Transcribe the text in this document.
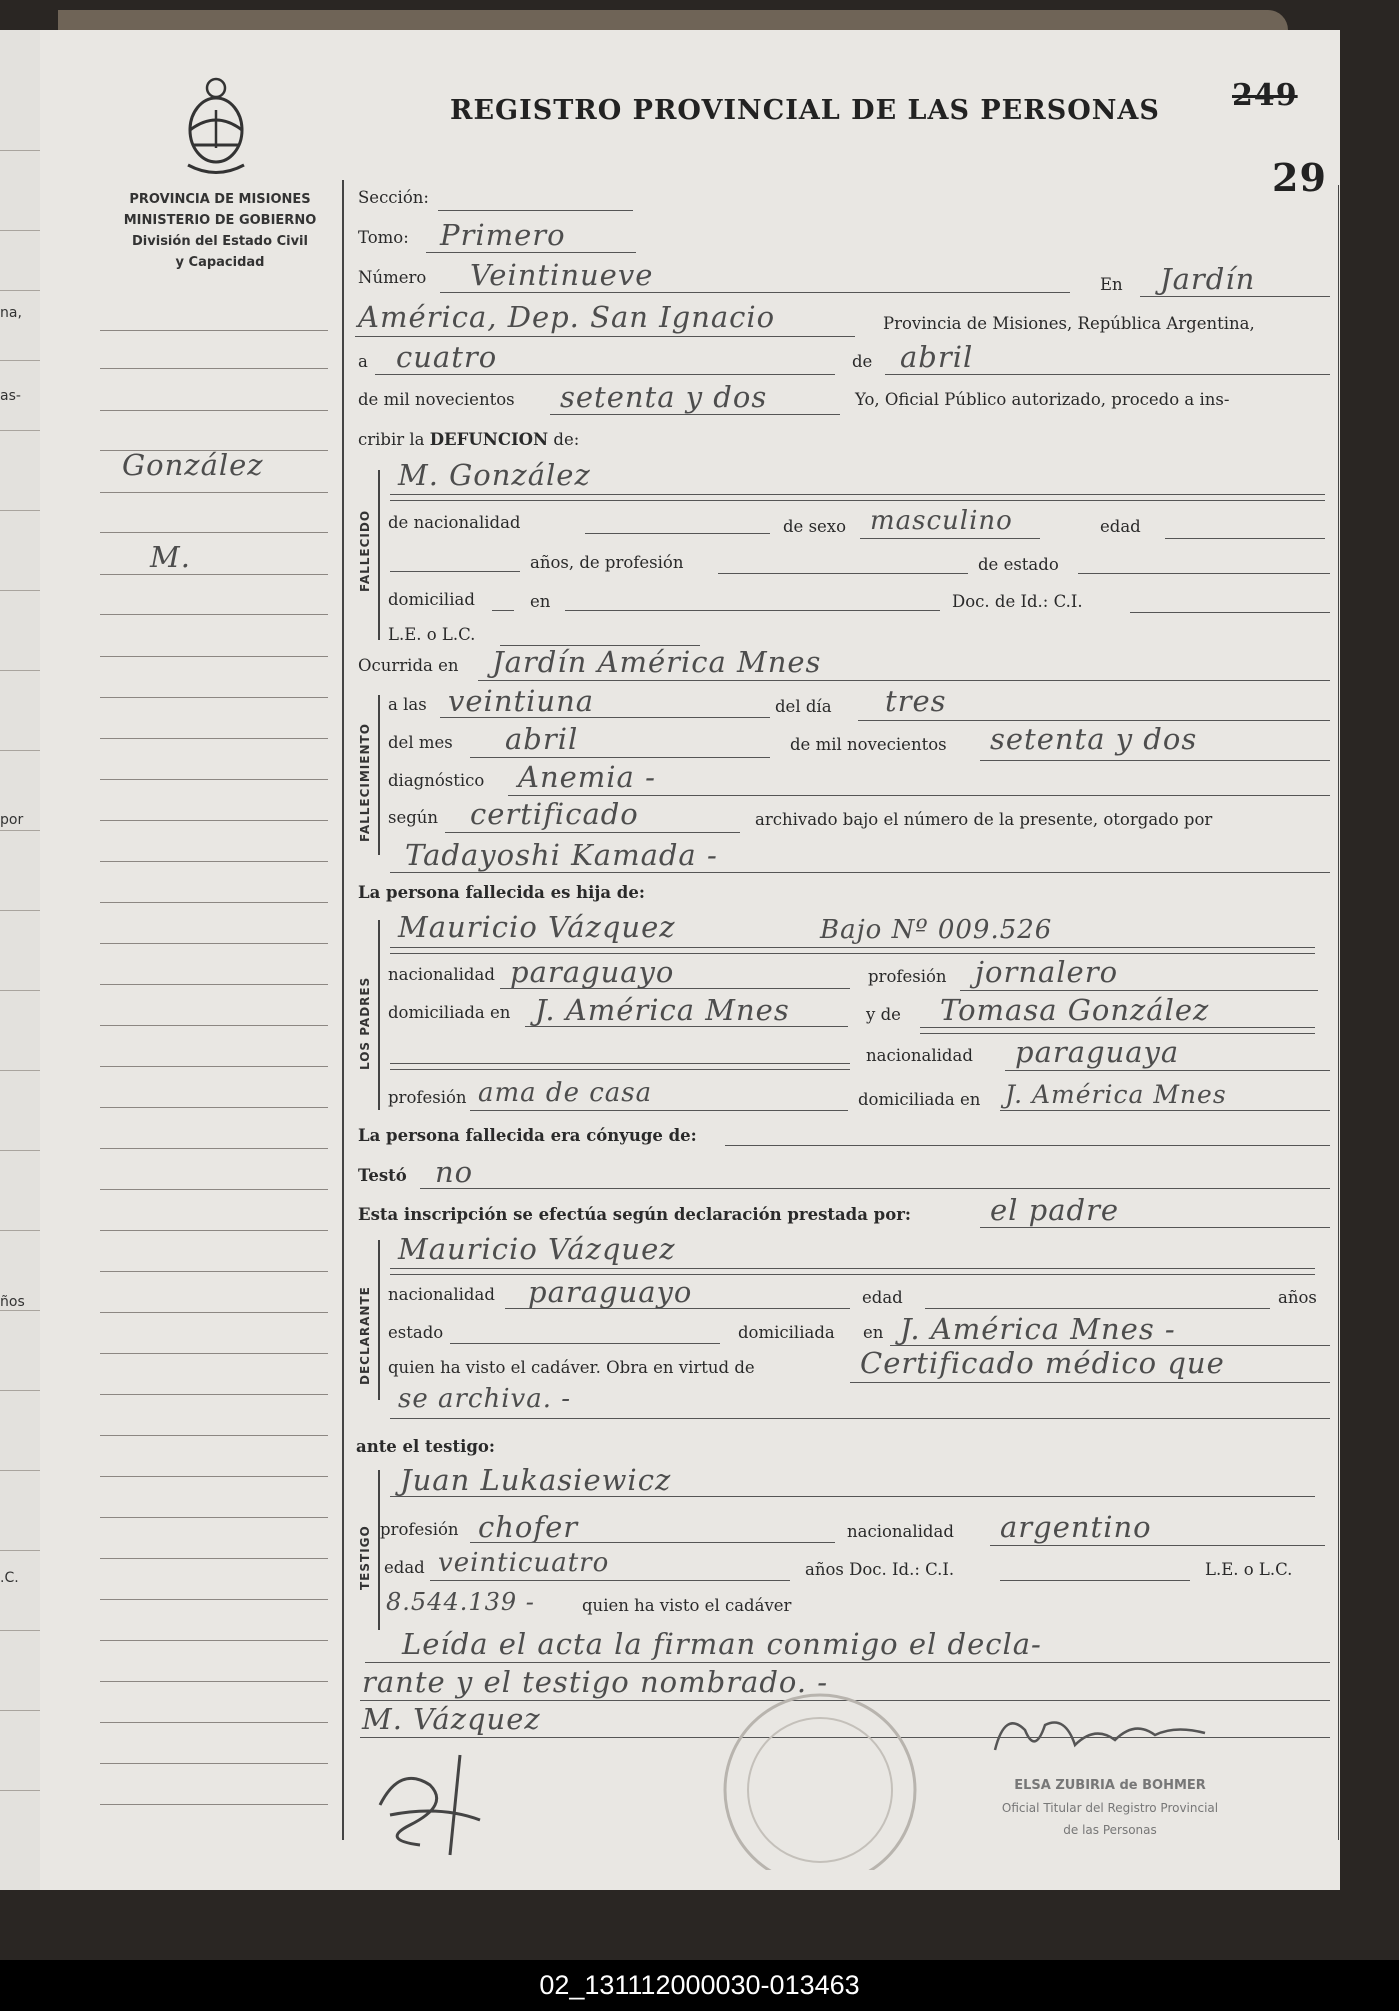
na,
as-
por
ños
.C.
PROVINCIA DE MISIONES
MINISTERIO DE GOBIERNO
División del Estado Civil
y Capacidad
González
M.
REGISTRO PROVINCIAL DE LAS PERSONAS 249
29
Sección:
Tomo: Primero
Número Veintinueve	En Jardín
América, Dep. San Ignacio	Provincia de Misiones, República Argentina,
a cuatro	de abril
de mil novecientos setenta y dos	Yo, Oficial Público autorizado, procedo a ins-
cribir la DEFUNCION de:
FALLECIDO
M. González
de nacionalidad	de sexo masculino	edad
años, de profesión	de estado
domiciliad	en	Doc. de Id.: C.I.
L.E. o L.C.
Ocurrida en Jardín América Mnes
FALLECIMIENTO
a las veintiuna	del día tres
del mes abril	de mil novecientos setenta y dos
diagnóstico Anemia -
según certificado	archivado bajo el número de la presente, otorgado por
Tadayoshi Kamada -
La persona fallecida es hija de:
LOS PADRES
Mauricio Vázquez	Bajo Nº 009.526
nacionalidad paraguayo	profesión jornalero
domiciliada en J. América Mnes	y de Tomasa González
nacionalidad paraguaya
profesión ama de casa	domiciliada en J. América Mnes
La persona fallecida era cónyuge de:
Testó no
Esta inscripción se efectúa según declaración prestada por:	el padre
DECLARANTE
Mauricio Vázquez
nacionalidad paraguayo	edad	años
estado	domiciliada en J. América Mnes -
quien ha visto el cadáver. Obra en virtud de	Certificado médico que
se archiva. -
ante el testigo:
TESTIGO
Juan Lukasiewicz
profesión chofer	nacionalidad argentino
edad veinticuatro	años Doc. Id.: C.I.	L.E. o L.C.
8.544.139 -	quien ha visto el cadáver
Leída el acta la firman conmigo el decla-
rante y el testigo nombrado. -
M. Vázquez
ELSA ZUBIRIA de BOHMER
Oficial Titular del Registro Provincial
de las Personas
02_131112000030-013463
